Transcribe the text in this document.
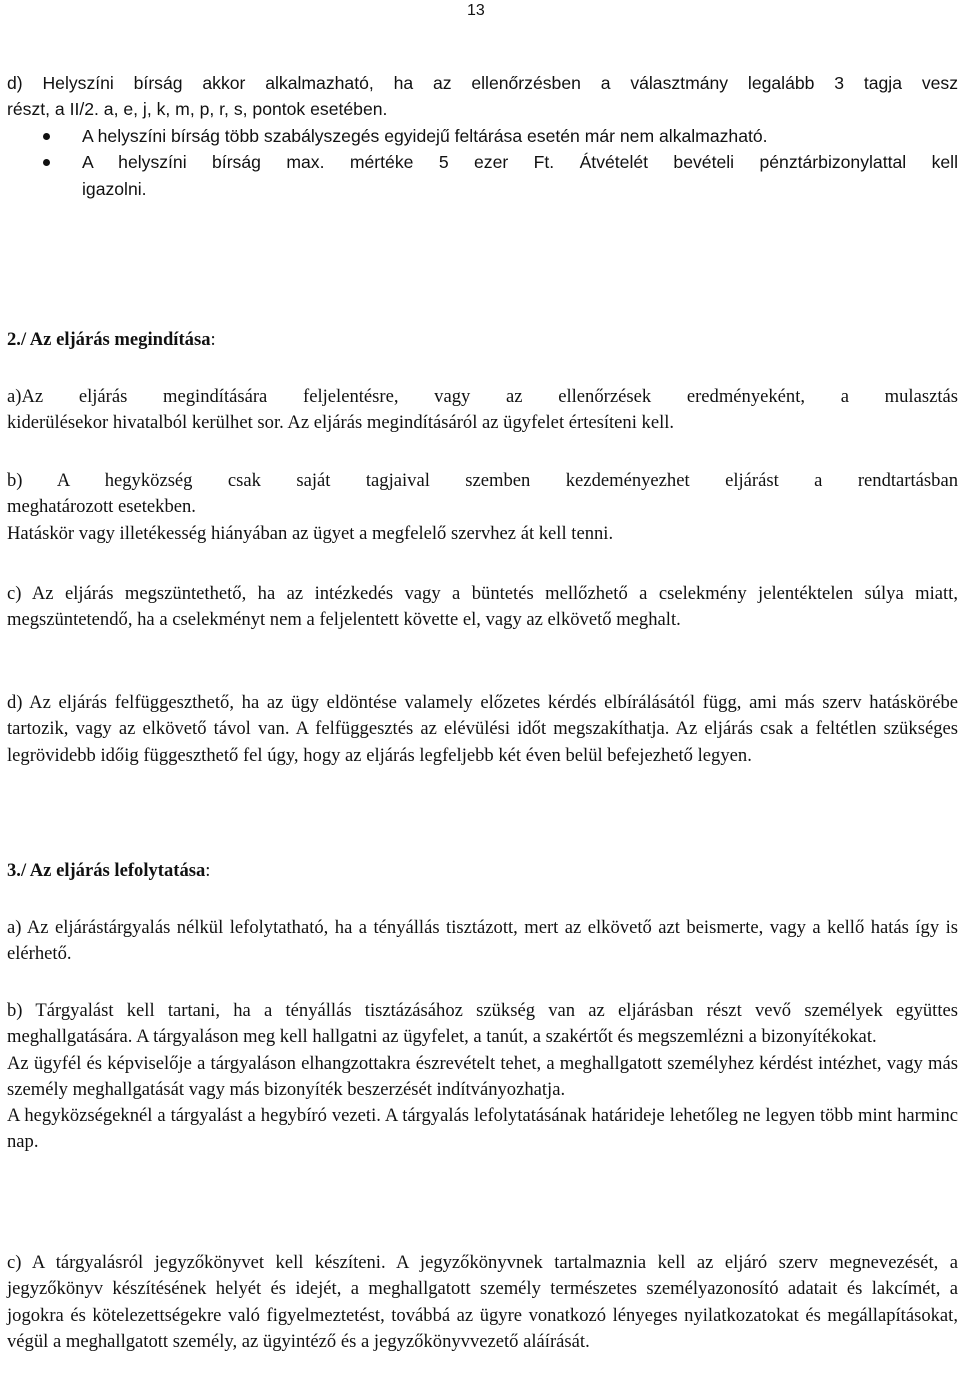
13
d) Helyszíni bírság akkor alkalmazható, ha az ellenőrzésben a választmány legalább 3 tagja vesz
részt, a II/2. a, e, j, k, m, p, r, s, pontok esetében.
A helyszíni bírság több szabályszegés egyidejű feltárása esetén már nem alkalmazható.
A helyszíni bírság max. mértéke 5 ezer Ft. Átvételét bevételi pénztárbizonylattal kell
igazolni.
2./ Az eljárás megindítása:

a)Az eljárás megindítására feljelentésre, vagy az ellenőrzések eredményeként, a mulasztás

kiderülésekor hivatalból kerülhet sor. Az eljárás megindításáról az ügyfelet értesíteni kell.

b) A hegyközség csak saját tagjaival szemben kezdeményezhet eljárást a rendtartásban

meghatározott esetekben.

Hatáskör vagy illetékesség hiányában az ügyet a megfelelő szervhez át kell tenni.

c) Az eljárás megszüntethető, ha az intézkedés vagy a büntetés mellőzhető a cselekmény jelentéktelen súlya miatt, megszüntetendő, ha a cselekményt nem a feljelentett követte el, vagy az elkövető meghalt.

d) Az eljárás felfüggeszthető, ha az ügy eldöntése valamely előzetes kérdés elbírálásától függ, ami más szerv hatáskörébe tartozik, vagy az elkövető távol van. A felfüggesztés az elévülési időt megszakíthatja. Az eljárás csak a feltétlen szükséges legrövidebb időig függeszthető fel úgy, hogy az eljárás legfeljebb két éven belül befejezhető legyen.

3./ Az eljárás lefolytatása:

a) Az eljárástárgyalás nélkül lefolytatható, ha a tényállás tisztázott, mert az elkövető azt beismerte, vagy a kellő hatás így is elérhető.

b) Tárgyalást kell tartani, ha a tényállás tisztázásához szükség van az eljárásban részt vevő személyek együttes meghallgatására. A tárgyaláson meg kell hallgatni az ügyfelet, a tanút, a szakértőt és megszemlézni a bizonyítékokat.

Az ügyfél és képviselője a tárgyaláson elhangzottakra észrevételt tehet, a meghallgatott személyhez kérdést intézhet, vagy más személy meghallgatását vagy más bizonyíték beszerzését indítványozhatja.

A hegyközségeknél a tárgyalást a hegybíró vezeti. A tárgyalás lefolytatásának határideje lehetőleg ne legyen több mint harminc nap.

c) A tárgyalásról jegyzőkönyvet kell készíteni. A jegyzőkönyvnek tartalmaznia kell az eljáró szerv megnevezését, a jegyzőkönyv készítésének helyét és idejét, a meghallgatott személy természetes személyazonosító adatait és lakcímét, a jogokra és kötelezettségekre való figyelmeztetést, továbbá az ügyre vonatkozó lényeges nyilatkozatokat és megállapításokat, végül a meghallgatott személy, az ügyintéző és a jegyzőkönyvvezető aláírását.
